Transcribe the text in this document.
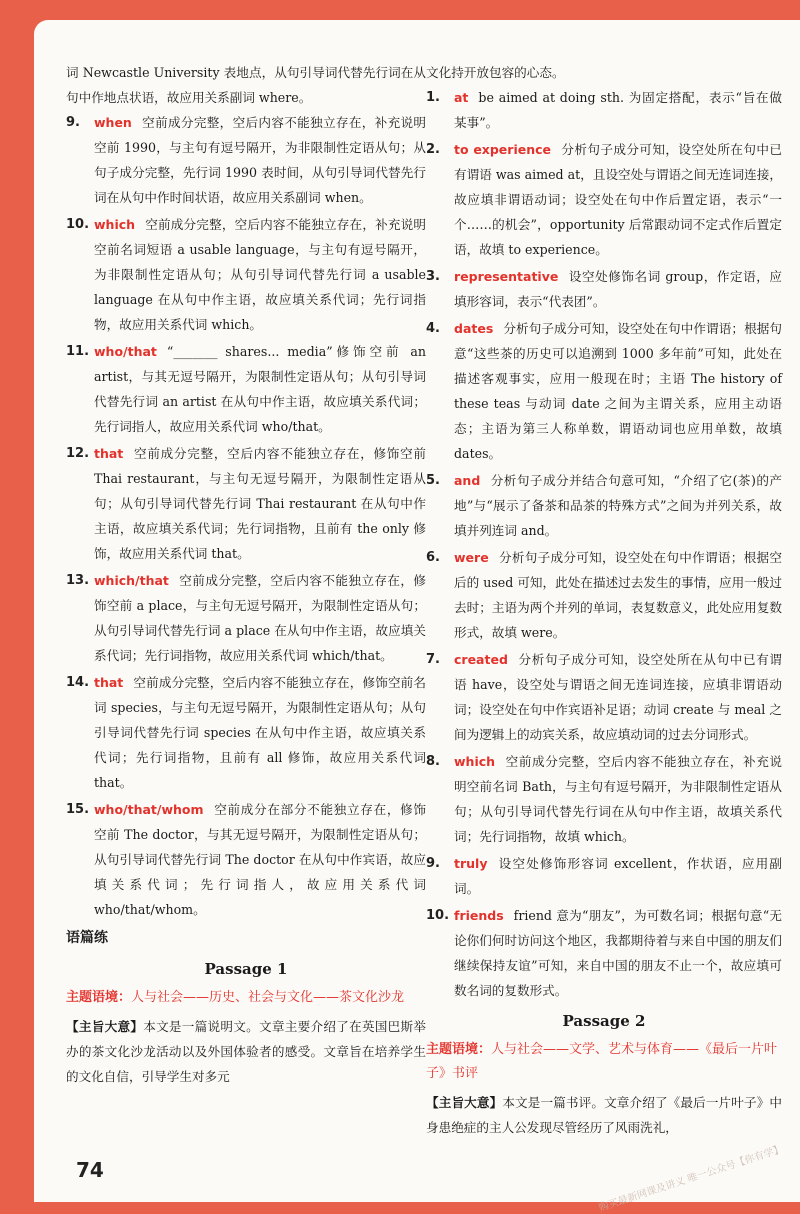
词 Newcastle University 表地点，从句引导词代替先行词在从句中作地点状语，故应用关系副词 where。

9. when 空前成分完整，空后内容不能独立存在，补充说明空前 1990，与主句有逗号隔开，为非限制性定语从句；从句子成分完整，先行词 1990 表时间，从句引导词代替先行词在从句中作时间状语，故应用关系副词 when。

10. which 空前成分完整，空后内容不能独立存在，补充说明空前名词短语 a usable language，与主句有逗号隔开，为非限制性定语从句；从句引导词代替先行词 a usable language 在从句中作主语，故应填关系代词；先行词指物，故应用关系代词 which。

11. who/that “_______ shares... media”修饰空前 an artist，与其无逗号隔开，为限制性定语从句；从句引导词代替先行词 an artist 在从句中作主语，故应填关系代词；先行词指人，故应用关系代词 who/that。

12. that 空前成分完整，空后内容不能独立存在，修饰空前 Thai restaurant，与主句无逗号隔开，为限制性定语从句；从句引导词代替先行词 Thai restaurant 在从句中作主语，故应填关系代词；先行词指物，且前有 the only 修饰，故应用关系代词 that。

13. which/that 空前成分完整，空后内容不能独立存在，修饰空前 a place，与主句无逗号隔开，为限制性定语从句；从句引导词代替先行词 a place 在从句中作主语，故应填关系代词；先行词指物，故应用关系代词 which/that。

14. that 空前成分完整，空后内容不能独立存在，修饰空前名词 species，与主句无逗号隔开，为限制性定语从句；从句引导词代替先行词 species 在从句中作主语，故应填关系代词；先行词指物，且前有 all 修饰，故应用关系代词 that。

15. who/that/whom 空前成分在部分不能独立存在，修饰空前 The doctor，与其无逗号隔开，为限制性定语从句；从句引导词代替先行词 The doctor 在从句中作宾语，故应填关系代词；先行词指人，故应用关系代词 who/that/whom。

语篇练
Passage 1
主题语境：人与社会——历史、社会与文化——茶文化沙龙
【主旨大意】本文是一篇说明文。文章主要介绍了在英国巴斯举办的茶文化沙龙活动以及外国体验者的感受。文章旨在培养学生的文化自信，引导学生对多元

文化持开放包容的心态。

1. at be aimed at doing sth. 为固定搭配，表示“旨在做某事”。

2. to experience 分析句子成分可知，设空处所在句中已有谓语 was aimed at，且设空处与谓语之间无连词连接，故应填非谓语动词；设空处在句中作后置定语，表示“一个……的机会”，opportunity 后常跟动词不定式作后置定语，故填 to experience。

3. representative 设空处修饰名词 group，作定语，应填形容词，表示“代表团”。

4. dates 分析句子成分可知，设空处在句中作谓语；根据句意“这些茶的历史可以追溯到 1000 多年前”可知，此处在描述客观事实，应用一般现在时；主语 The history of these teas 与动词 date 之间为主谓关系，应用主动语态；主语为第三人称单数，谓语动词也应用单数，故填 dates。

5. and 分析句子成分并结合句意可知，“介绍了它(茶)的产地”与“展示了备茶和品茶的特殊方式”之间为并列关系，故填并列连词 and。

6. were 分析句子成分可知，设空处在句中作谓语；根据空后的 used 可知，此处在描述过去发生的事情，应用一般过去时；主语为两个并列的单词，表复数意义，此处应用复数形式，故填 were。

7. created 分析句子成分可知，设空处所在从句中已有谓语 have，设空处与谓语之间无连词连接，应填非谓语动词；设空处在句中作宾语补足语；动词 create 与 meal 之间为逻辑上的动宾关系，故应填动词的过去分词形式。

8. which 空前成分完整，空后内容不能独立存在，补充说明空前名词 Bath，与主句有逗号隔开，为非限制性定语从句；从句引导词代替先行词在从句中作主语，故填关系代词；先行词指物，故填 which。

9. truly 设空处修饰形容词 excellent，作状语，应用副词。

10. friends friend 意为“朋友”，为可数名词；根据句意“无论你们何时访问这个地区，我都期待着与来自中国的朋友们继续保持友谊”可知，来自中国的朋友不止一个，故应填可数名词的复数形式。

Passage 2
主题语境：人与社会——文学、艺术与体育——《最后一片叶子》书评
【主旨大意】本文是一篇书评。文章介绍了《最后一片叶子》中身患绝症的主人公发现尽管经历了风雨洗礼，
74	购买最新网课及讲义 唯一公众号【你有学】
